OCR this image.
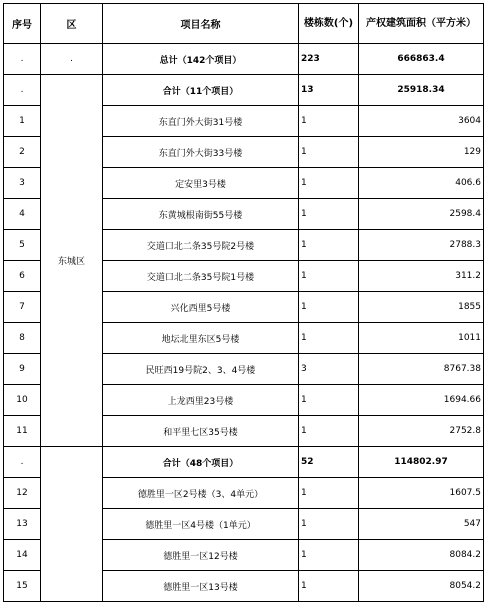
序号	区	项目名称	楼栋数(个)	产权建筑面积（平方米）
.	.	总计（142个项目）	223	666863.4
.	东城区	合计（11个项目）	13	25918.34
1		东直门外大街31号楼	1	3604
2		东直门外大街33号楼	1	129
3		定安里3号楼	1	406.6
4		东黄城根南街55号楼	1	2598.4
5		交道口北二条35号院2号楼	1	2788.3
6		交道口北二条35号院1号楼	1	311.2
7		兴化西里5号楼	1	1855
8		地坛北里东区5号楼	1	1011
9		民旺西19号院2、3、4号楼	3	8767.38
10		上龙西里23号楼	1	1694.66
11		和平里七区35号楼	1	2752.8
.		合计（48个项目）	52	114802.97
12		德胜里一区2号楼（3、4单元）	1	1607.5
13		德胜里一区4号楼（1单元）	1	547
14		德胜里一区12号楼	1	8084.2
15		德胜里一区13号楼	1	8054.2
